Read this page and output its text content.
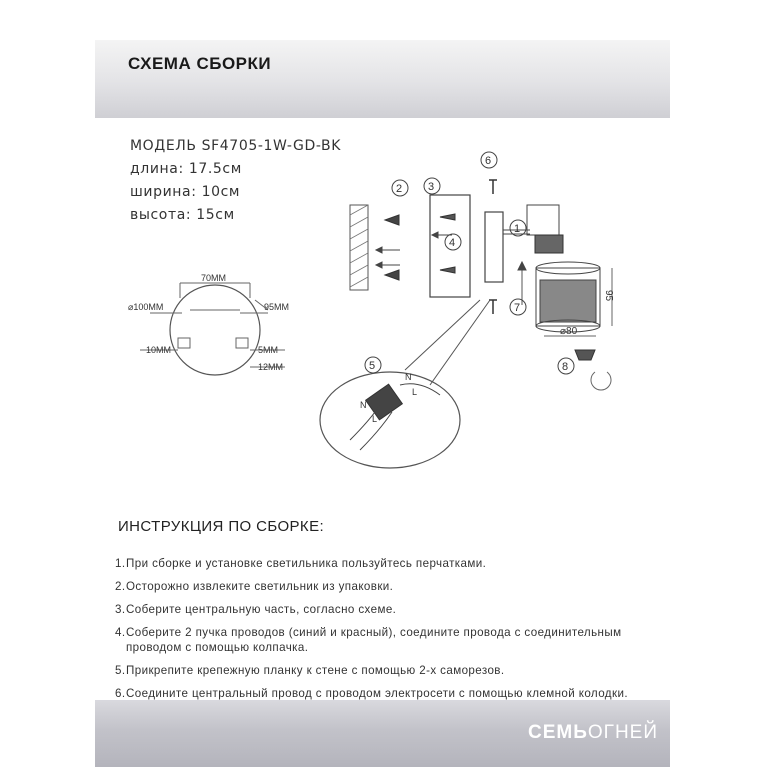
СХЕМА СБОРКИ
МОДЕЛЬ SF4705-1W-GD-BK
длина: 17.5см
ширина: 10см
высота: 15см
70ММ
⌀100ММ	95ММ
10ММ	5ММ
12ММ
95
⌀80
N
N
L
L
1
2 3
4
5
6
7
8
ИНСТРУКЦИЯ ПО СБОРКЕ:
1. При сборке и установке светильника пользуйтесь перчатками.
2. Осторожно извлеките светильник из упаковки.
3. Соберите центральную часть, согласно схеме.
4. Соберите 2 пучка проводов (синий и красный), соедините провода с соединительным проводом с помощью колпачка.
5. Прикрепите крепежную планку к стене с помощью 2-х саморезов.
6. Соедините центральный провод с проводом электросети с помощью клемной колодки.
СЕМЬОГНЕЙ
